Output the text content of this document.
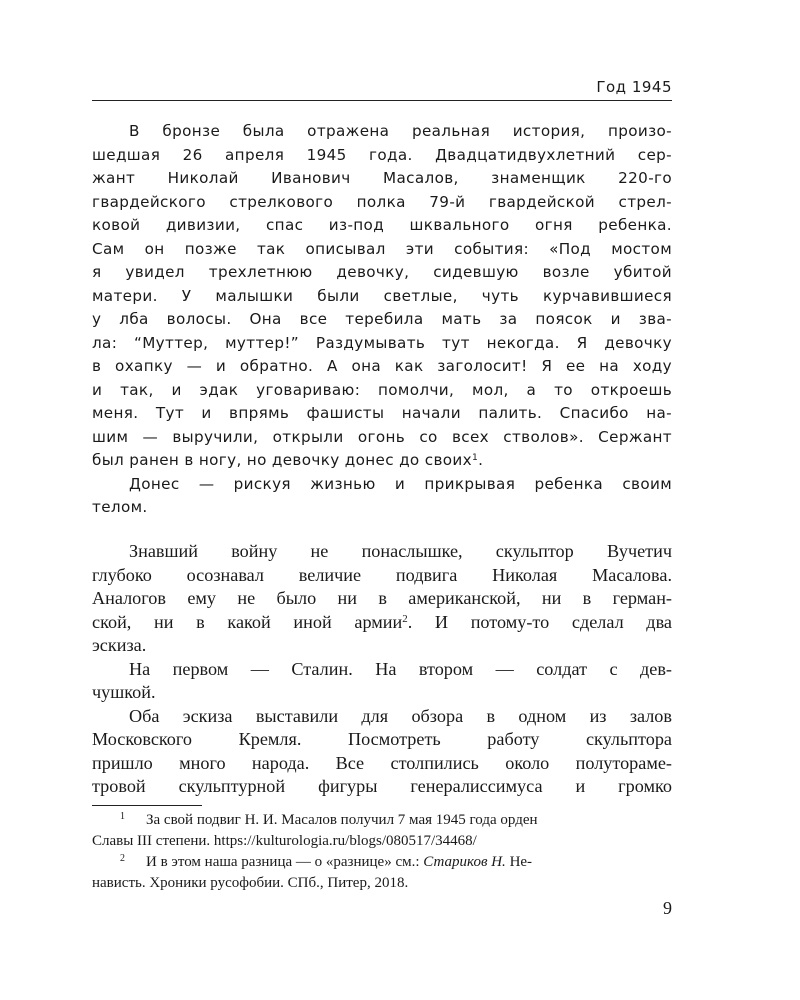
Год 1945
В бронзе была отражена реальная история, произо-
шедшая 26 апреля 1945 года. Двадцатидвухлетний сер-
жант Николай Иванович Масалов, знаменщик 220-го
гвардейского стрелкового полка 79-й гвардейской стрел-
ковой дивизии, спас из-под шквального огня ребенка.
Сам он позже так описывал эти события: «Под мостом
я увидел трехлетнюю девочку, сидевшую возле убитой
матери. У малышки были светлые, чуть курчавившиеся
у лба волосы. Она все теребила мать за поясок и зва-
ла: “Муттер, муттер!” Раздумывать тут некогда. Я девочку
в охапку — и обратно. А она как заголосит! Я ее на ходу
и так, и эдак уговариваю: помолчи, мол, а то откроешь
меня. Тут и впрямь фашисты начали палить. Спасибо на-
шим — выручили, открыли огонь со всех стволов». Сержант
был ранен в ногу, но девочку донес до своих$^1$.
Донес — рискуя жизнью и прикрывая ребенка своим
телом.
Знавший войну не понаслышке, скульптор Вучетич
глубоко осознавал величие подвига Николая Масалова.
Аналогов ему не было ни в американской, ни в герман-
ской, ни в какой иной армии$^2$. И потому-то сделал два
эскиза.
На первом — Сталин. На втором — солдат с дев-
чушкой.
Оба эскиза выставили для обзора в одном из залов
Московского Кремля. Посмотреть работу скульптора
пришло много народа. Все столпились около полутораме-
тровой скульптурной фигуры генералиссимуса и громко
1 За свой подвиг Н. И. Масалов получил 7 мая 1945 года орден
Славы III степени. https://kulturologia.ru/blogs/080517/34468/
2 И в этом наша разница — о «разнице» см.: Стариков Н. Не-
нависть. Хроники русофобии. СПб., Питер, 2018.
9
